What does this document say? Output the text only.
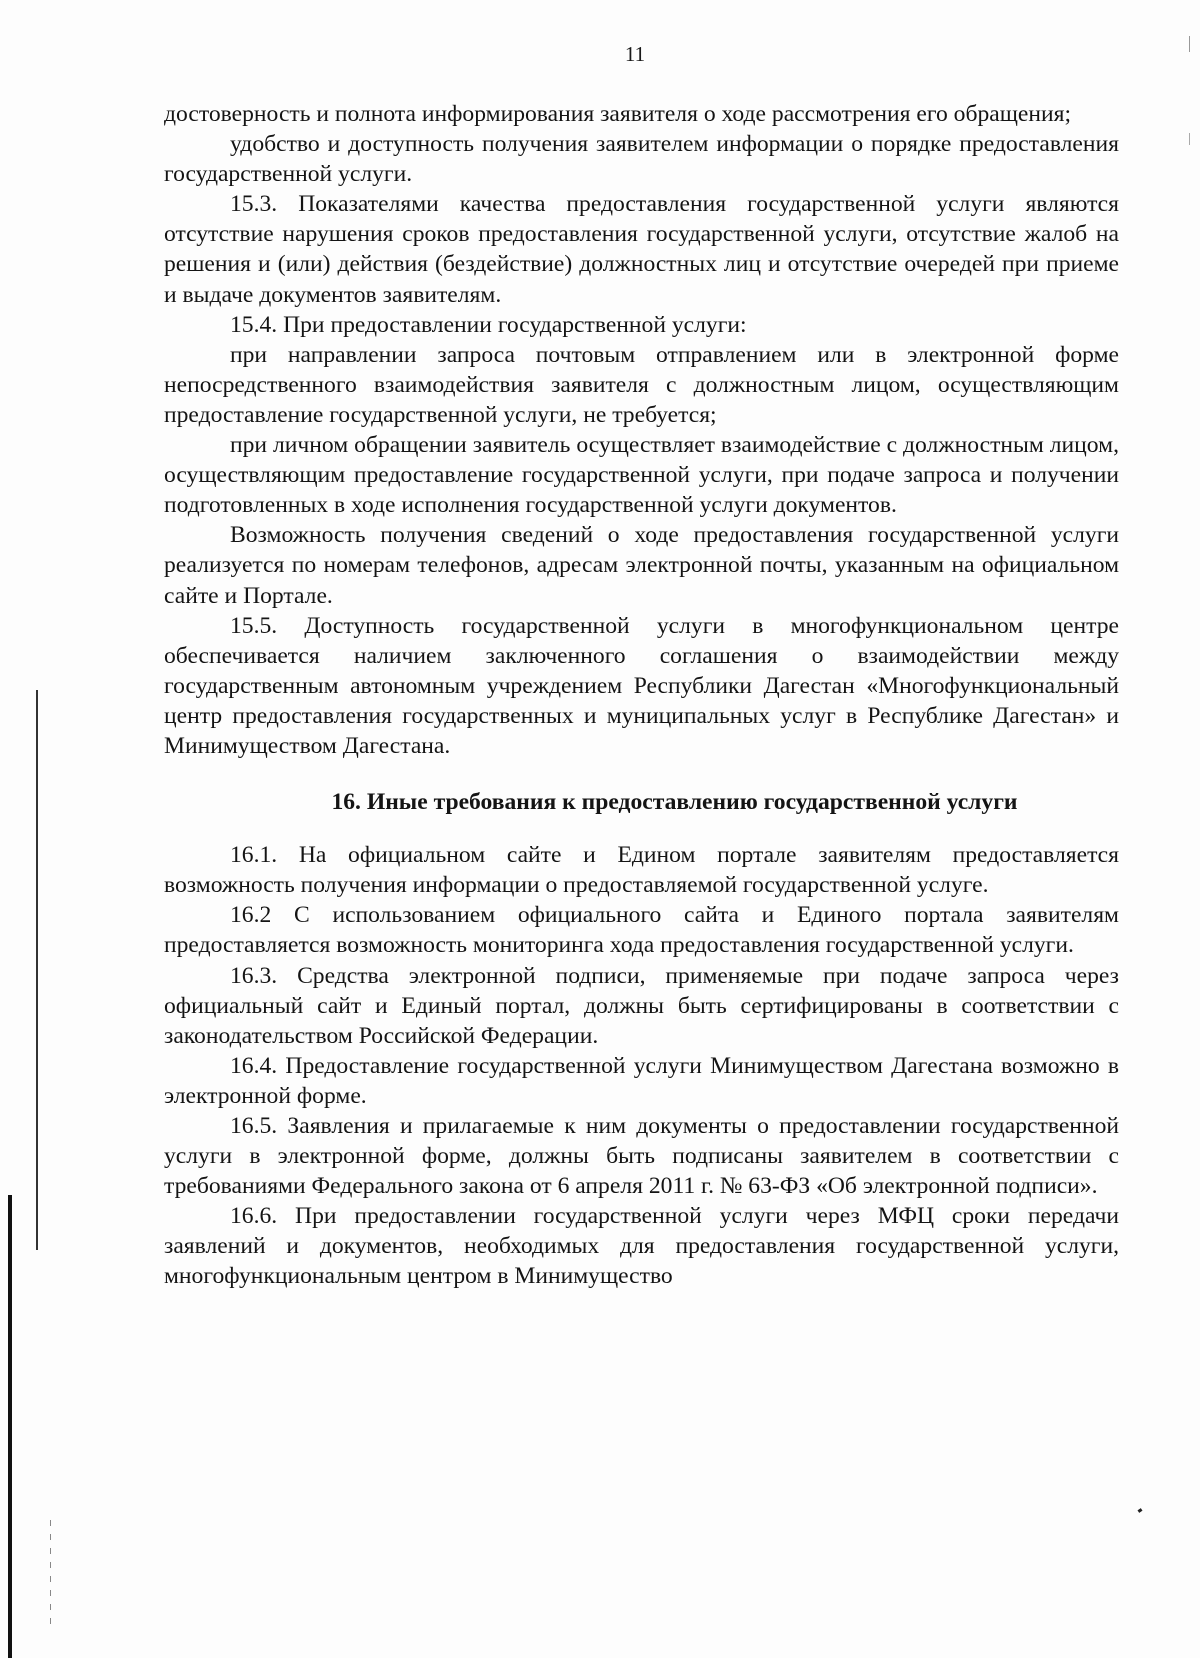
11

достоверность и полнота информирования заявителя о ходе рассмотрения его обращения;

удобство и доступность получения заявителем информации о порядке предоставления государственной услуги.

15.3. Показателями качества предоставления государственной услуги являются отсутствие нарушения сроков предоставления государственной услуги, отсутствие жалоб на решения и (или) действия (бездействие) должностных лиц и отсутствие очередей при приеме и выдаче документов заявителям.

15.4. При предоставлении государственной услуги:

при направлении запроса почтовым отправлением или в электронной форме непосредственного взаимодействия заявителя с должностным лицом, осуществляющим предоставление государственной услуги, не требуется;

при личном обращении заявитель осуществляет взаимодействие с должностным лицом, осуществляющим предоставление государственной услуги, при подаче запроса и получении подготовленных в ходе исполнения государственной услуги документов.

Возможность получения сведений о ходе предоставления государственной услуги реализуется по номерам телефонов, адресам электронной почты, указанным на официальном сайте и Портале.

15.5. Доступность государственной услуги в многофункциональном центре обеспечивается наличием заключенного соглашения о взаимодействии между государственным автономным учреждением Республики Дагестан «Многофункциональный центр предоставления государственных и муниципальных услуг в Республике Дагестан» и Минимуществом Дагестана.

16. Иные требования к предоставлению государственной услуги

16.1. На официальном сайте и Едином портале заявителям предоставляется возможность получения информации о предоставляемой государственной услуге.

16.2 С использованием официального сайта и Единого портала заявителям предоставляется возможность мониторинга хода предоставления государственной услуги.

16.3. Средства электронной подписи, применяемые при подаче запроса через официальный сайт и Единый портал, должны быть сертифицированы в соответствии с законодательством Российской Федерации.

16.4. Предоставление государственной услуги Минимуществом Дагестана возможно в электронной форме.

16.5. Заявления и прилагаемые к ним документы о предоставлении государственной услуги в электронной форме, должны быть подписаны заявителем в соответствии с требованиями Федерального закона от 6 апреля 2011 г. № 63-ФЗ «Об электронной подписи».

16.6. При предоставлении государственной услуги через МФЦ сроки передачи заявлений и документов, необходимых для предоставления государственной услуги, многофункциональным центром в Минимущество
